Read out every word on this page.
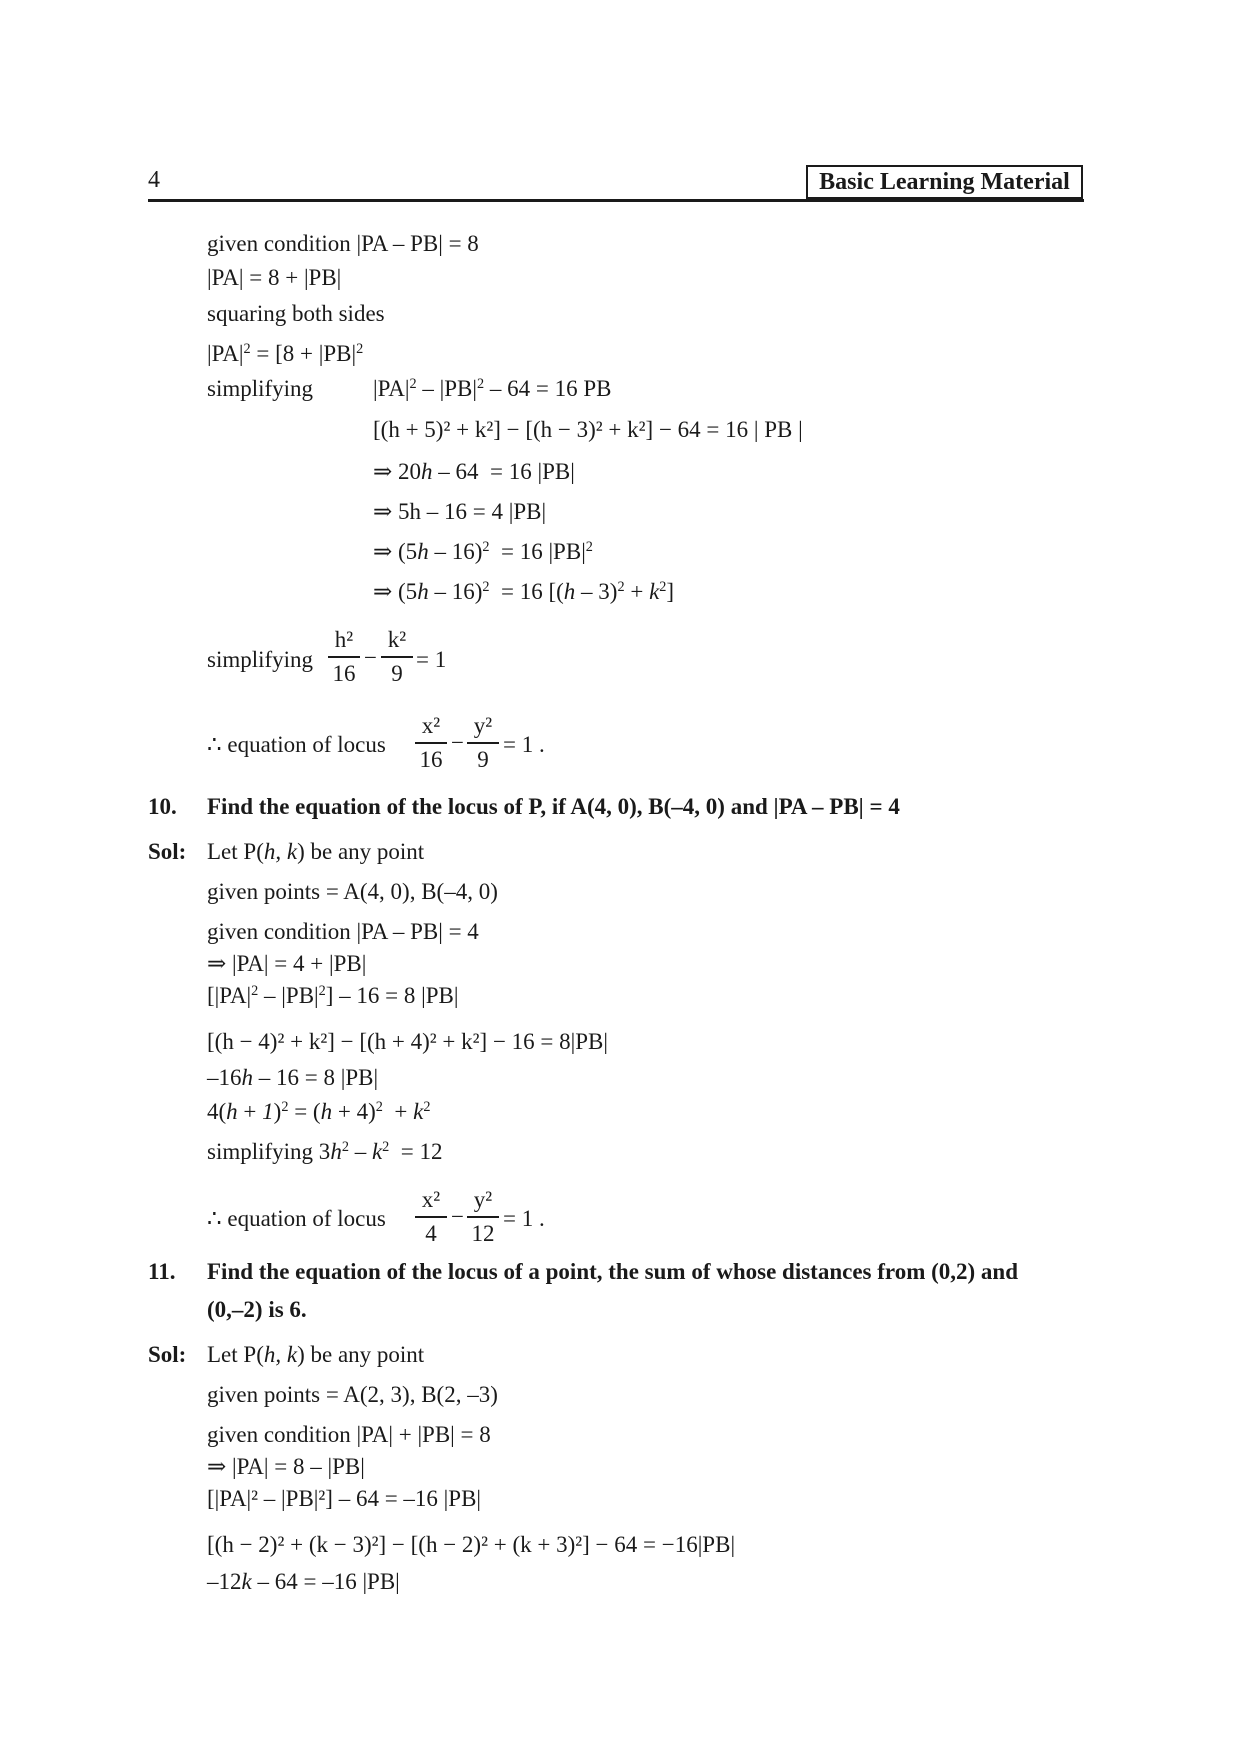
4	Basic Learning Material
given condition |PA – PB| = 8
|PA| = 8 + |PB|
squaring both sides
$|PA|^2 = [8 + |PB|^2$
simplifying	$|PA|^2 - |PB|^2 - 64 = 16$ PB
[(h + 5)² + k²] − [(h − 3)² + k²] − 64 = 16 | PB |
⇒ 20h – 64  = 16 |PB|
⇒ 5h – 16 = 4 |PB|
⇒ (5h – 16)$^2$  = 16 $|PB|^2$
⇒ (5h – 16)$^2$  = 16 $[(h - 3)^2 + k^2]$
simplifying
h²
16
−
k²
9
= 1
∴ equation of locus
x²
16
−
y²
9
= 1 .
10. Find the equation of the locus of P, if A(4, 0), B(–4, 0) and |PA – PB| = 4
Sol: Let P(h, k) be any point
given points = A(4, 0), B(–4, 0)
given condition |PA – PB| = 4
⇒ |PA| = 4 + |PB|
$[|PA|^2 - |PB|^2] - 16 = 8$ |PB|
[(h − 4)² + k²] − [(h + 4)² + k²] − 16 = 8|PB|
–16h – 16 = 8 |PB|
$4(h + 1)^2 = (h + 4)^2 + k^2$
simplifying $3h^2 - k^2 = 12$
∴ equation of locus
x²
4
−
y²
12
= 1 .
11. Find the equation of the locus of a point, the sum of whose distances from (0,2) and
(0,–2) is 6.
Sol: Let P(h, k) be any point
given points = A(2, 3), B(2, –3)
given condition |PA| + |PB| = 8
⇒ |PA| = 8 – |PB|
[|PA|² – |PB|²] – 64 = –16 |PB|
[(h − 2)² + (k − 3)²] − [(h − 2)² + (k + 3)²] − 64 = −16|PB|
–12k – 64 = –16 |PB|
